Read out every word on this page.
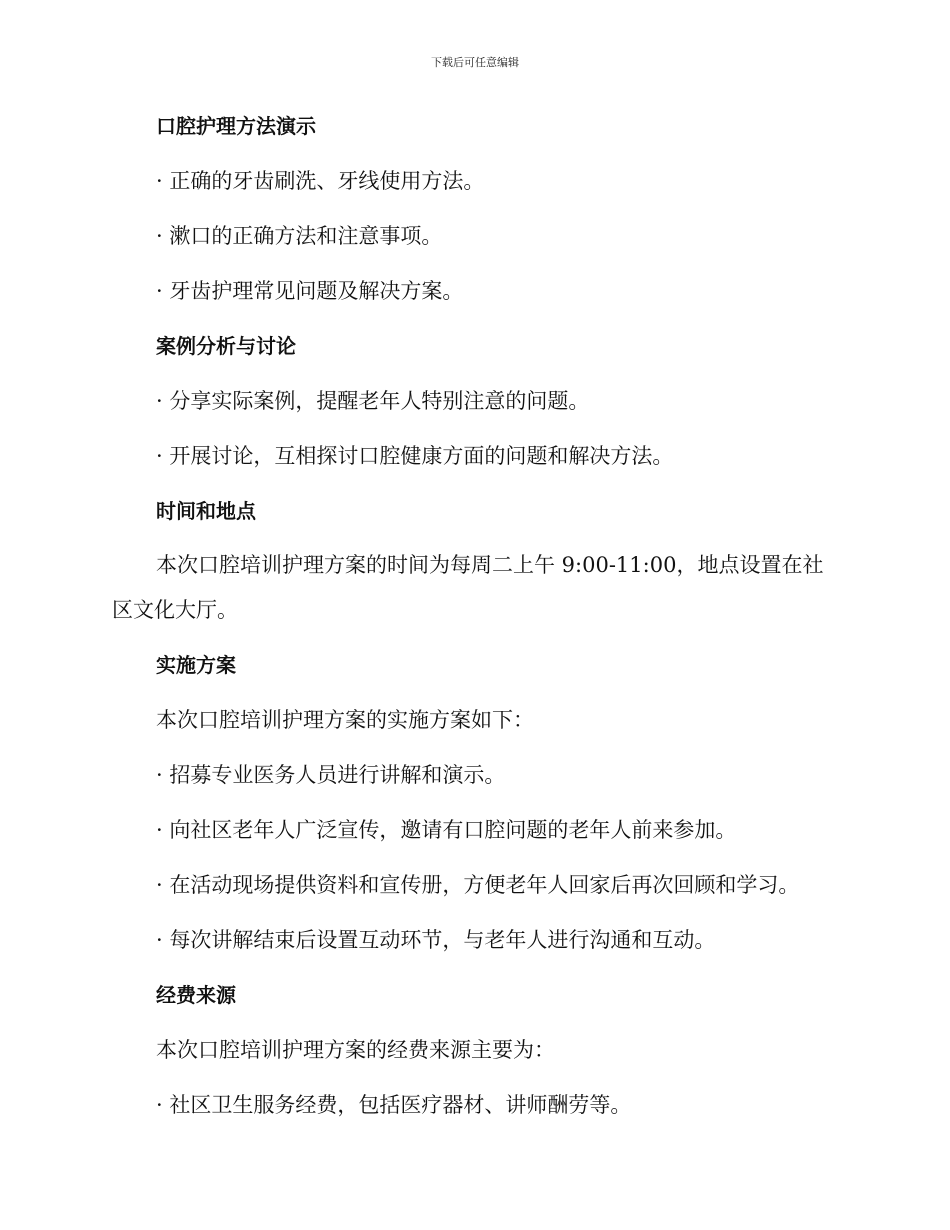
下载后可任意编辑
口腔护理方法演示
· 正确的牙齿刷洗、牙线使用方法。
· 漱口的正确方法和注意事项。
· 牙齿护理常见问题及解决方案。
案例分析与讨论
· 分享实际案例，提醒老年人特别注意的问题。
· 开展讨论，互相探讨口腔健康方面的问题和解决方法。
时间和地点
本次口腔培训护理方案的时间为每周二上午 9:00-11:00，地点设置在社区文化大厅。
实施方案
本次口腔培训护理方案的实施方案如下：
· 招募专业医务人员进行讲解和演示。
· 向社区老年人广泛宣传，邀请有口腔问题的老年人前来参加。
· 在活动现场提供资料和宣传册，方便老年人回家后再次回顾和学习。
· 每次讲解结束后设置互动环节，与老年人进行沟通和互动。
经费来源
本次口腔培训护理方案的经费来源主要为：
· 社区卫生服务经费，包括医疗器材、讲师酬劳等。
